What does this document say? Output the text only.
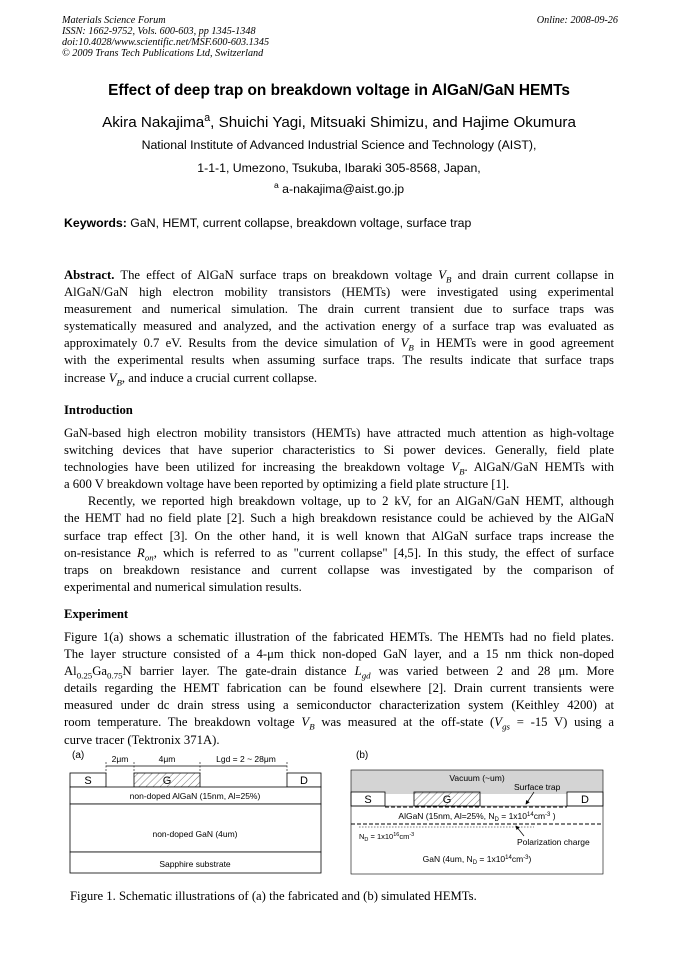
Materials Science Forum
ISSN: 1662-9752, Vols. 600-603, pp 1345-1348
doi:10.4028/www.scientific.net/MSF.600-603.1345
© 2009 Trans Tech Publications Ltd, Switzerland
Online: 2008-09-26
Effect of deep trap on breakdown voltage in AlGaN/GaN HEMTs
Akira Nakajima$^a$, Shuichi Yagi, Mitsuaki Shimizu, and Hajime Okumura
National Institute of Advanced Industrial Science and Technology (AIST),
1-1-1, Umezono, Tsukuba, Ibaraki 305-8568, Japan,
$^a$ a-nakajima@aist.go.jp
Keywords: GaN, HEMT, current collapse, breakdown voltage, surface trap
Abstract. The effect of AlGaN surface traps on breakdown voltage $V_B$ and drain current collapse in
AlGaN/GaN high electron mobility transistors (HEMTs) were investigated using experimental
measurement and numerical simulation. The drain current transient due to surface traps was
systematically measured and analyzed, and the activation energy of a surface trap was evaluated as
approximately 0.7 eV. Results from the device simulation of $V_B$ in HEMTs were in good agreement
with the experimental results when assuming surface traps. The results indicate that surface traps
increase $V_B$, and induce a crucial current collapse.
Introduction
GaN-based high electron mobility transistors (HEMTs) have attracted much attention as high-voltage
switching devices that have superior characteristics to Si power devices. Generally, field plate
technologies have been utilized for increasing the breakdown voltage $V_B$. AlGaN/GaN HEMTs with
a 600 V breakdown voltage have been reported by optimizing a field plate structure [1].
Recently, we reported high breakdown voltage, up to 2 kV, for an AlGaN/GaN HEMT, although
the HEMT had no field plate [2]. Such a high breakdown resistance could be achieved by the AlGaN
surface trap effect [3]. On the other hand, it is well known that AlGaN surface traps increase the
on-resistance $R_{on}$, which is referred to as "current collapse" [4,5]. In this study, the effect of surface
traps on breakdown resistance and current collapse was investigated by the comparison of
experimental and numerical simulation results.
Experiment
Figure 1(a) shows a schematic illustration of the fabricated HEMTs. The HEMTs had no field plates.
The layer structure consisted of a 4-μm thick non-doped GaN layer, and a 15 nm thick non-doped
$Al_{0.25}Ga_{0.75}N$ barrier layer. The gate-drain distance $L_{gd}$ was varied between 2 and 28 μm. More
details regarding the HEMT fabrication can be found elsewhere [2]. Drain current transients were
measured under dc drain stress using a semiconductor characterization system (Keithley 4200) at
room temperature. The breakdown voltage $V_B$ was measured at the off-state ($V_{gs} = -15$ V) using a
curve tracer (Tektronix 371A).
(a)	2μm	4μm	Lgd = 2 ~ 28μm
S	G	D
non-doped AlGaN (15nm, Al=25%)
non-doped GaN (4um)
Sapphire substrate
(b)
Vacuum (~um)
Surface trap
S	G	D
AlGaN (15nm, Al=25%, $N_D = 1x10^{14}cm^{-3}$ )
$N_D = 1x10^{16}cm^{-3}$
Polarization charge
GaN (4um, $N_D = 1x10^{14}cm^{-3}$)
Figure 1. Schematic illustrations of (a) the fabricated and (b) simulated HEMTs.
